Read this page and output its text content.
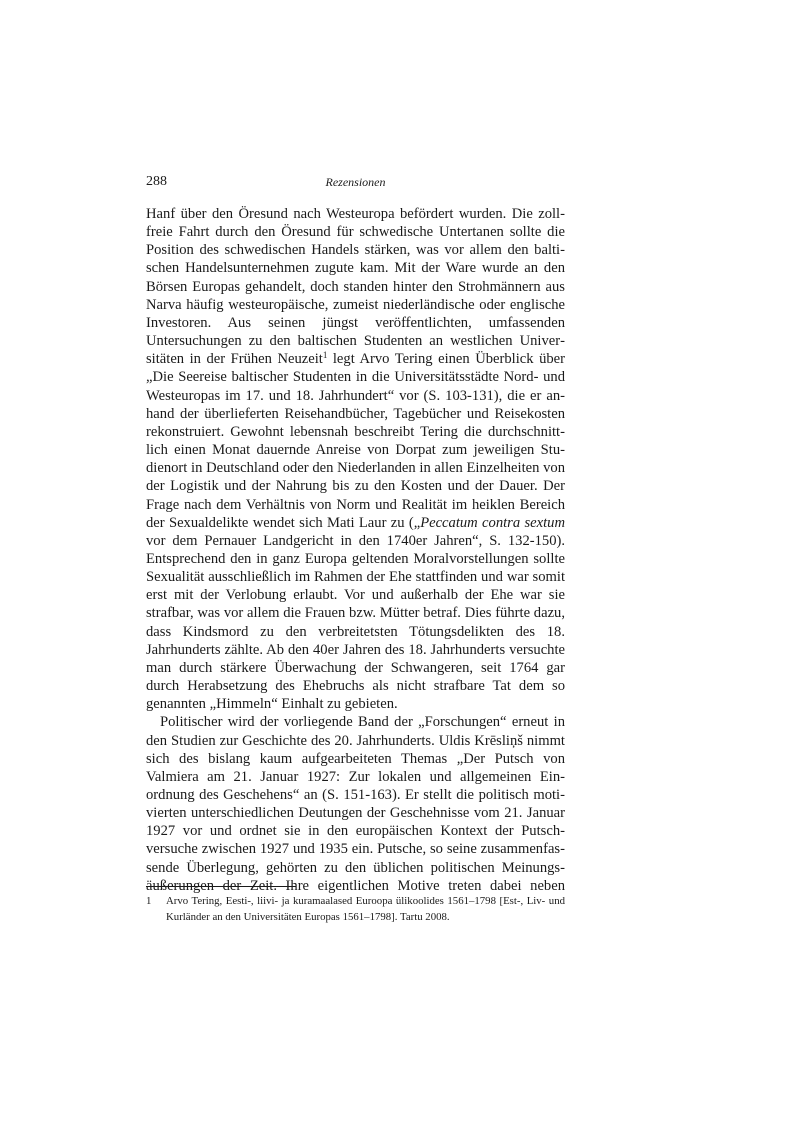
288	Rezensionen

Hanf über den Öresund nach Westeuropa befördert wurden. Die zollfreie Fahrt durch den Öresund für schwedische Untertanen sollte die Position des schwedischen Handels stärken, was vor allem den baltischen Handelsunternehmen zugute kam. Mit der Ware wurde an den Börsen Europas gehandelt, doch standen hinter den Strohmännern aus Narva häufig westeuropäische, zumeist niederländische oder englische Investoren. Aus seinen jüngst veröffentlichten, umfassenden Untersuchungen zu den baltischen Studenten an westlichen Universitäten in der Frühen Neuzeit$^1$ legt Arvo Tering einen Überblick über „Die Seereise baltischer Studenten in die Universitätsstädte Nord- und Westeuropas im 17. und 18. Jahrhundert“ vor (S. 103-131), die er anhand der überlieferten Reisehandbücher, Tagebücher und Reisekosten rekonstruiert. Gewohnt lebensnah beschreibt Tering die durchschnittlich einen Monat dauernde Anreise von Dorpat zum jeweiligen Studienort in Deutschland oder den Niederlanden in allen Einzelheiten von der Logistik und der Nahrung bis zu den Kosten und der Dauer. Der Frage nach dem Verhältnis von Norm und Realität im heiklen Bereich der Sexualdelikte wendet sich Mati Laur zu („Peccatum contra sextum vor dem Pernauer Landgericht in den 1740er Jahren“, S. 132-150). Entsprechend den in ganz Europa geltenden Moralvorstellungen sollte Sexualität ausschließlich im Rahmen der Ehe stattfinden und war somit erst mit der Verlobung erlaubt. Vor und außerhalb der Ehe war sie strafbar, was vor allem die Frauen bzw. Mütter betraf. Dies führte dazu, dass Kindsmord zu den verbreitetsten Tötungsdelikten des 18. Jahrhunderts zählte. Ab den 40er Jahren des 18. Jahrhunderts versuchte man durch stärkere Überwachung der Schwangeren, seit 1764 gar durch Herabsetzung des Ehebruchs als nicht strafbare Tat dem so genannten „Himmeln“ Einhalt zu gebieten.

Politischer wird der vorliegende Band der „Forschungen“ erneut in den Studien zur Geschichte des 20. Jahrhunderts. Uldis Krēsliņš nimmt sich des bislang kaum aufgearbeiteten Themas „Der Putsch von Valmiera am 21. Januar 1927: Zur lokalen und allgemeinen Einordnung des Geschehens“ an (S. 151-163). Er stellt die politisch motivierten unterschiedlichen Deutungen der Geschehnisse vom 21. Januar 1927 vor und ordnet sie in den europäischen Kontext der Putschversuche zwischen 1927 und 1935 ein. Putsche, so seine zusammenfassende Überlegung, gehörten zu den üblichen politischen Meinungsäußerungen der Zeit. Ihre eigentlichen Motive treten dabei neben

1	Arvo Tering, Eesti-, liivi- ja kuramaalased Euroopa ülikoolides 1561–1798 [Est-, Liv- und Kurländer an den Universitäten Europas 1561–1798]. Tartu 2008.
